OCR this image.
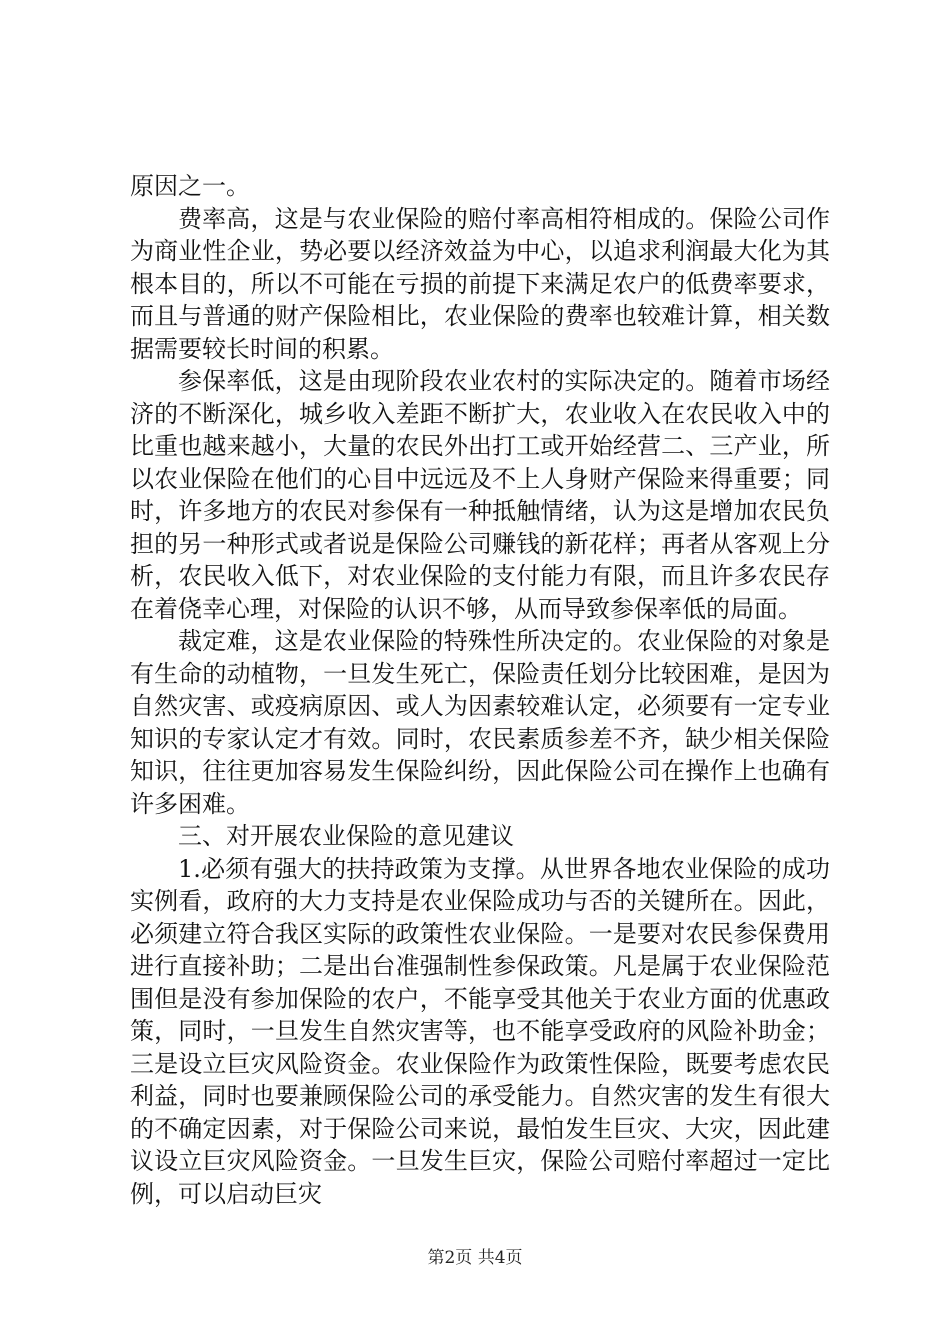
原因之一。

费率高，这是与农业保险的赔付率高相符相成的。保险公司作为商业性企业，势必要以经济效益为中心，以追求利润最大化为其根本目的，所以不可能在亏损的前提下来满足农户的低费率要求，而且与普通的财产保险相比，农业保险的费率也较难计算，相关数据需要较长时间的积累。

参保率低，这是由现阶段农业农村的实际决定的。随着市场经济的不断深化，城乡收入差距不断扩大，农业收入在农民收入中的比重也越来越小，大量的农民外出打工或开始经营二、三产业，所以农业保险在他们的心目中远远及不上人身财产保险来得重要；同时，许多地方的农民对参保有一种抵触情绪，认为这是增加农民负担的另一种形式或者说是保险公司赚钱的新花样；再者从客观上分析，农民收入低下，对农业保险的支付能力有限，而且许多农民存在着侥幸心理，对保险的认识不够，从而导致参保率低的局面。

裁定难，这是农业保险的特殊性所决定的。农业保险的对象是有生命的动植物，一旦发生死亡，保险责任划分比较困难，是因为自然灾害、或疫病原因、或人为因素较难认定，必须要有一定专业知识的专家认定才有效。同时，农民素质参差不齐，缺少相关保险知识，往往更加容易发生保险纠纷，因此保险公司在操作上也确有许多困难。

三、对开展农业保险的意见建议

1.必须有强大的扶持政策为支撑。从世界各地农业保险的成功实例看，政府的大力支持是农业保险成功与否的关键所在。因此，必须建立符合我区实际的政策性农业保险。一是要对农民参保费用进行直接补助；二是出台准强制性参保政策。凡是属于农业保险范围但是没有参加保险的农户，不能享受其他关于农业方面的优惠政策，同时，一旦发生自然灾害等，也不能享受政府的风险补助金；三是设立巨灾风险资金。农业保险作为政策性保险，既要考虑农民利益，同时也要兼顾保险公司的承受能力。自然灾害的发生有很大的不确定因素，对于保险公司来说，最怕发生巨灾、大灾，因此建议设立巨灾风险资金。一旦发生巨灾，保险公司赔付率超过一定比例，可以启动巨灾

第2页 共4页
